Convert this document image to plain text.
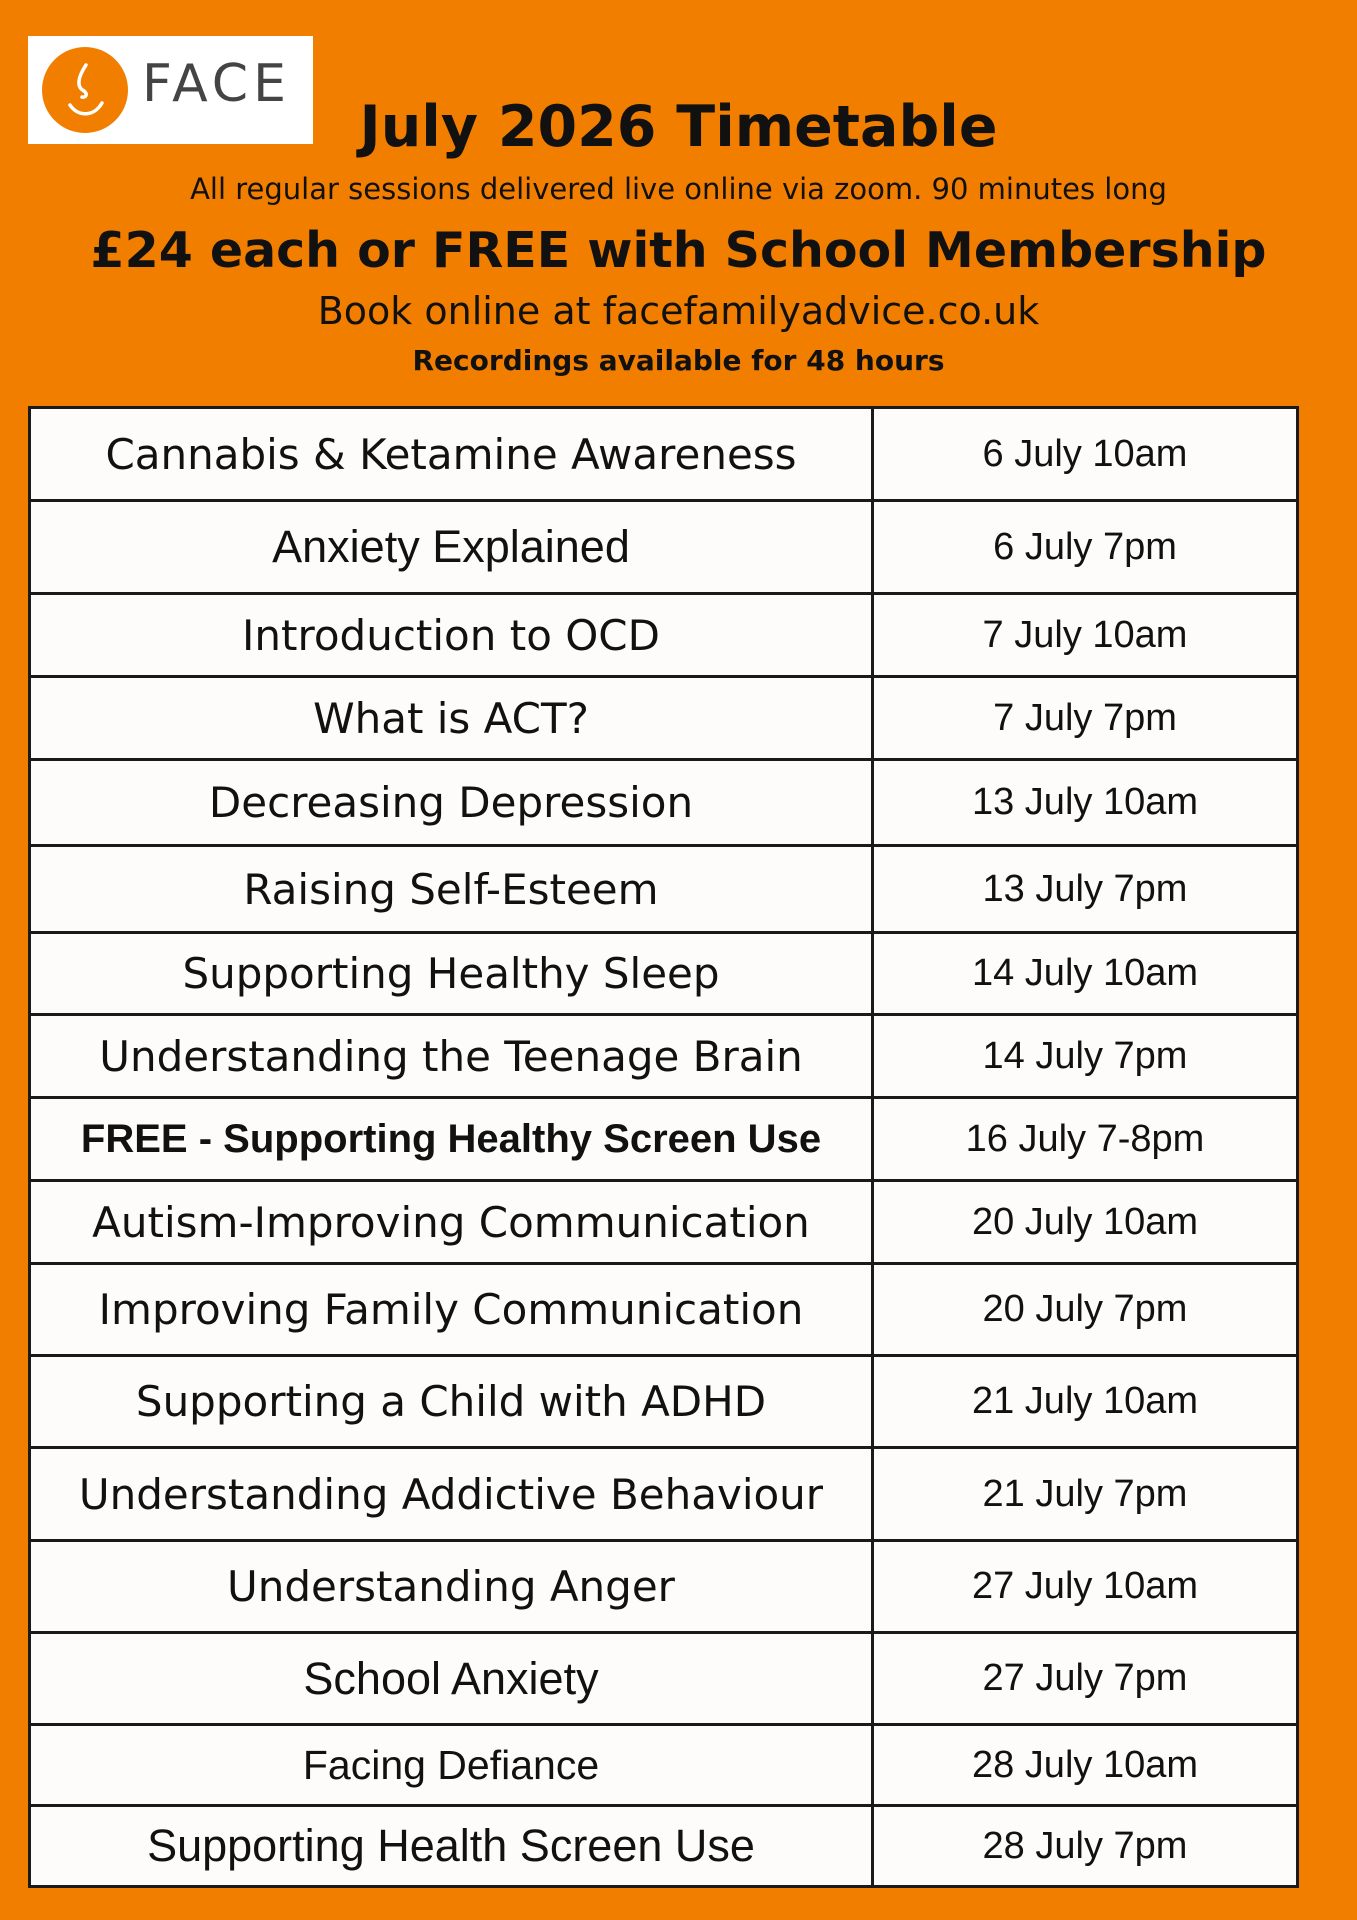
FACE
July 2026 Timetable
All regular sessions delivered live online via zoom. 90 minutes long
£24 each or FREE with School Membership
Book online at facefamilyadvice.co.uk
Recordings available for 48 hours
Cannabis & Ketamine Awareness	6 July 10am
Anxiety Explained	6 July 7pm
Introduction to OCD	7 July 10am
What is ACT?	7 July 7pm
Decreasing Depression	13 July 10am
Raising Self-Esteem	13 July 7pm
Supporting Healthy Sleep	14 July 10am
Understanding the Teenage Brain	14 July 7pm
FREE - Supporting Healthy Screen Use	16 July 7-8pm
Autism-Improving Communication	20 July 10am
Improving Family Communication	20 July 7pm
Supporting a Child with ADHD	21 July 10am
Understanding Addictive Behaviour	21 July 7pm
Understanding Anger	27 July 10am
School Anxiety	27 July 7pm
Facing Defiance	28 July 10am
Supporting Health Screen Use	28 July 7pm
